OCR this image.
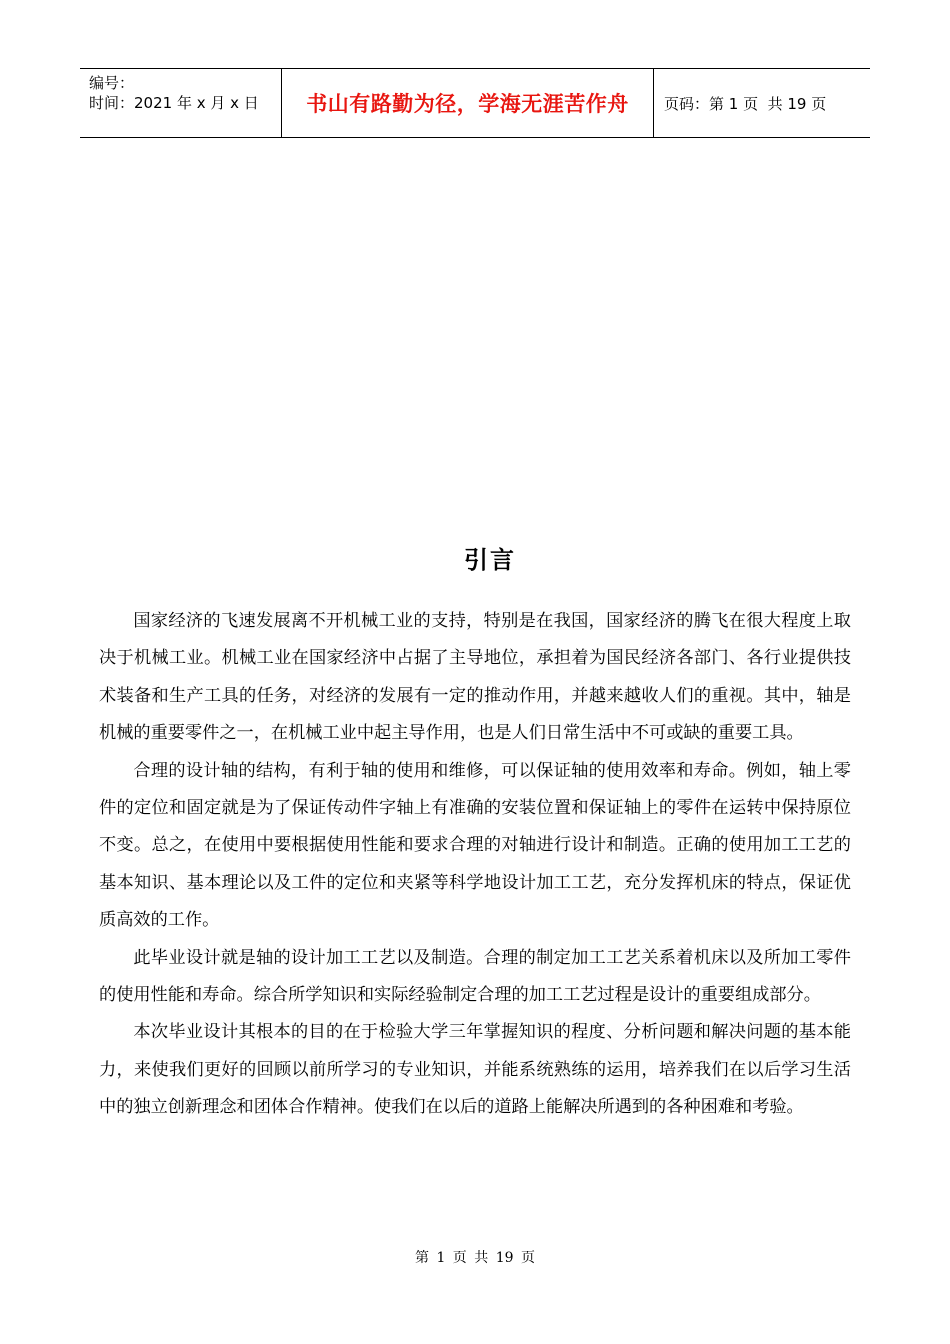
编号：
时间：2021 年 x 月 x 日	书山有路勤为径，学海无涯苦作舟 页码：第 1 页  共 19 页
引言

国家经济的飞速发展离不开机械工业的支持，特别是在我国，国家经济的腾飞在很大程度上取决于机械工业。机械工业在国家经济中占据了主导地位，承担着为国民经济各部门、各行业提供技术装备和生产工具的任务，对经济的发展有一定的推动作用，并越来越收人们的重视。其中，轴是机械的重要零件之一，在机械工业中起主导作用，也是人们日常生活中不可或缺的重要工具。

合理的设计轴的结构，有利于轴的使用和维修，可以保证轴的使用效率和寿命。例如，轴上零件的定位和固定就是为了保证传动件字轴上有准确的安装位置和保证轴上的零件在运转中保持原位不变。总之，在使用中要根据使用性能和要求合理的对轴进行设计和制造。正确的使用加工工艺的基本知识、基本理论以及工件的定位和夹紧等科学地设计加工工艺，充分发挥机床的特点，保证优质高效的工作。

此毕业设计就是轴的设计加工工艺以及制造。合理的制定加工工艺关系着机床以及所加工零件的使用性能和寿命。综合所学知识和实际经验制定合理的加工工艺过程是设计的重要组成部分。

本次毕业设计其根本的目的在于检验大学三年掌握知识的程度、分析问题和解决问题的基本能力，来使我们更好的回顾以前所学习的专业知识，并能系统熟练的运用，培养我们在以后学习生活中的独立创新理念和团体合作精神。使我们在以后的道路上能解决所遇到的各种困难和考验。

第 1 页 共 19 页
